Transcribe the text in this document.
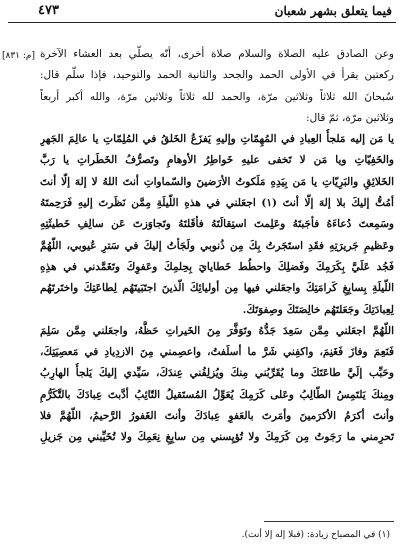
فيما يتعلق بشهر شعبان
٤٧٣
[م: ٨٣١] وعن الصادق عليه الصلاة والسلام صلاة أخرى، أنّه يصلّي بعد العشاء الآخرة
ركعتين يقرأ في الأولى الحمد والجحد والثانية الحمد والتوحيد، فإذا سلّم قال:
سُبحانَ الله ثلاثاً وثلاثين مرّة، والحمد لله ثلاثاً وثلاثين مرّة، والله أكبر أربعاً
وثلاثين مرّة، ثمّ قال:
يا مَن إليه مَلجأُ العِبادِ في المُهِمّاتِ وإليهِ يَفزَعُ الخَلقُ في المُلِمّاتِ يا عالِمَ الجَهرِ
والخَفِيّاتِ ويا مَن لا تَخفى عليهِ خَواطِرُ الأوهامِ وتَصرُّفُ الخَطَراتِ يا رَبَّ
الخَلائِقِ والبَرِيّاتِ يا مَن بِيَدِهِ مَلَكوتُ الأرَضينَ والسّماواتِ أنتَ اللهُ لا إلهَ إلّا أنتَ
أمُتُّ إليكَ بلا إلهَ إلّا أنتَ (١) اجعَلني في هذهِ اللّيلَةِ مِمَّن نَظَرتَ إليهِ فَرَحِمتَهُ
وسَمِعتَ دُعاءَهُ فأجَبتَهُ وعَلِمتَ استِقالَتَهُ فأقَلتَهُ وتَجاوَزتَ عَن سالِفِ خَطيئَتِهِ
وعَظيمِ جَريرَتِهِ فقَدِ استَجَرتُ بِكَ مِن ذُنوبي ولَجَأتُ إليكَ في سَترِ عُيوبي، اللّهُمَّ
فَجُد عَلَيَّ بِكَرَمِكَ وفَضلِكَ واحطُط خَطايايَ بِحِلمِكَ وعَفوِكَ وتَغَمَّدني في هذِهِ
اللّيلَةِ بِسابِغِ كَرامَتِكَ واجعَلني فيها مِن أوليائِكَ الّذينَ اجتَبَيتَهُم لِطاعَتِكَ واختَرتَهُم
لِعِبادَتِكَ وجَعَلتَهُم خالِصَتَكَ وصِفوَتَكَ.
اللّهُمَّ اجعَلني مِمَّن سَعِدَ جَدُّهُ وتَوَفَّرَ مِنَ الخَيراتِ حَظُّهُ، واجعَلني مِمَّن سَلِمَ
فَنَعِمَ وفازَ فَغَنِمَ، واكفِني شَرَّ ما أسلَفتُ، واعصِمني مِنَ الازدِيادِ في مَعصِيَتِكَ،
وحَبِّب إلَيَّ طاعَتَكَ وما يُقَرِّبُني مِنكَ ويُزلِفُني عِندَكَ، سَيِّدي إليكَ يَلجأُ الهارِبُ
ومِنكَ يَلتَمِسُ الطّالِبُ وعَلى كَرَمِكَ يُعَوِّلُ المُستَقيلُ التّائِبُ أدَّبتَ عِبادَكَ بالتَّكَرُّمِ
وأنتَ أكرَمُ الأكرَمينَ وأمَرتَ بالعَفوِ عِبادَكَ وأنتَ الغَفورُ الرَّحيمُ، اللّهُمَّ فلا
تَحرِمني ما رَجَوتُ مِن كَرَمِكَ ولا تُؤيِسني مِن سابِغِ نِعَمِكَ ولا تُخَيِّبني مِن جَزيلِ
(١) في المصباح زيادة: (فبلا إله إلا أنت).
